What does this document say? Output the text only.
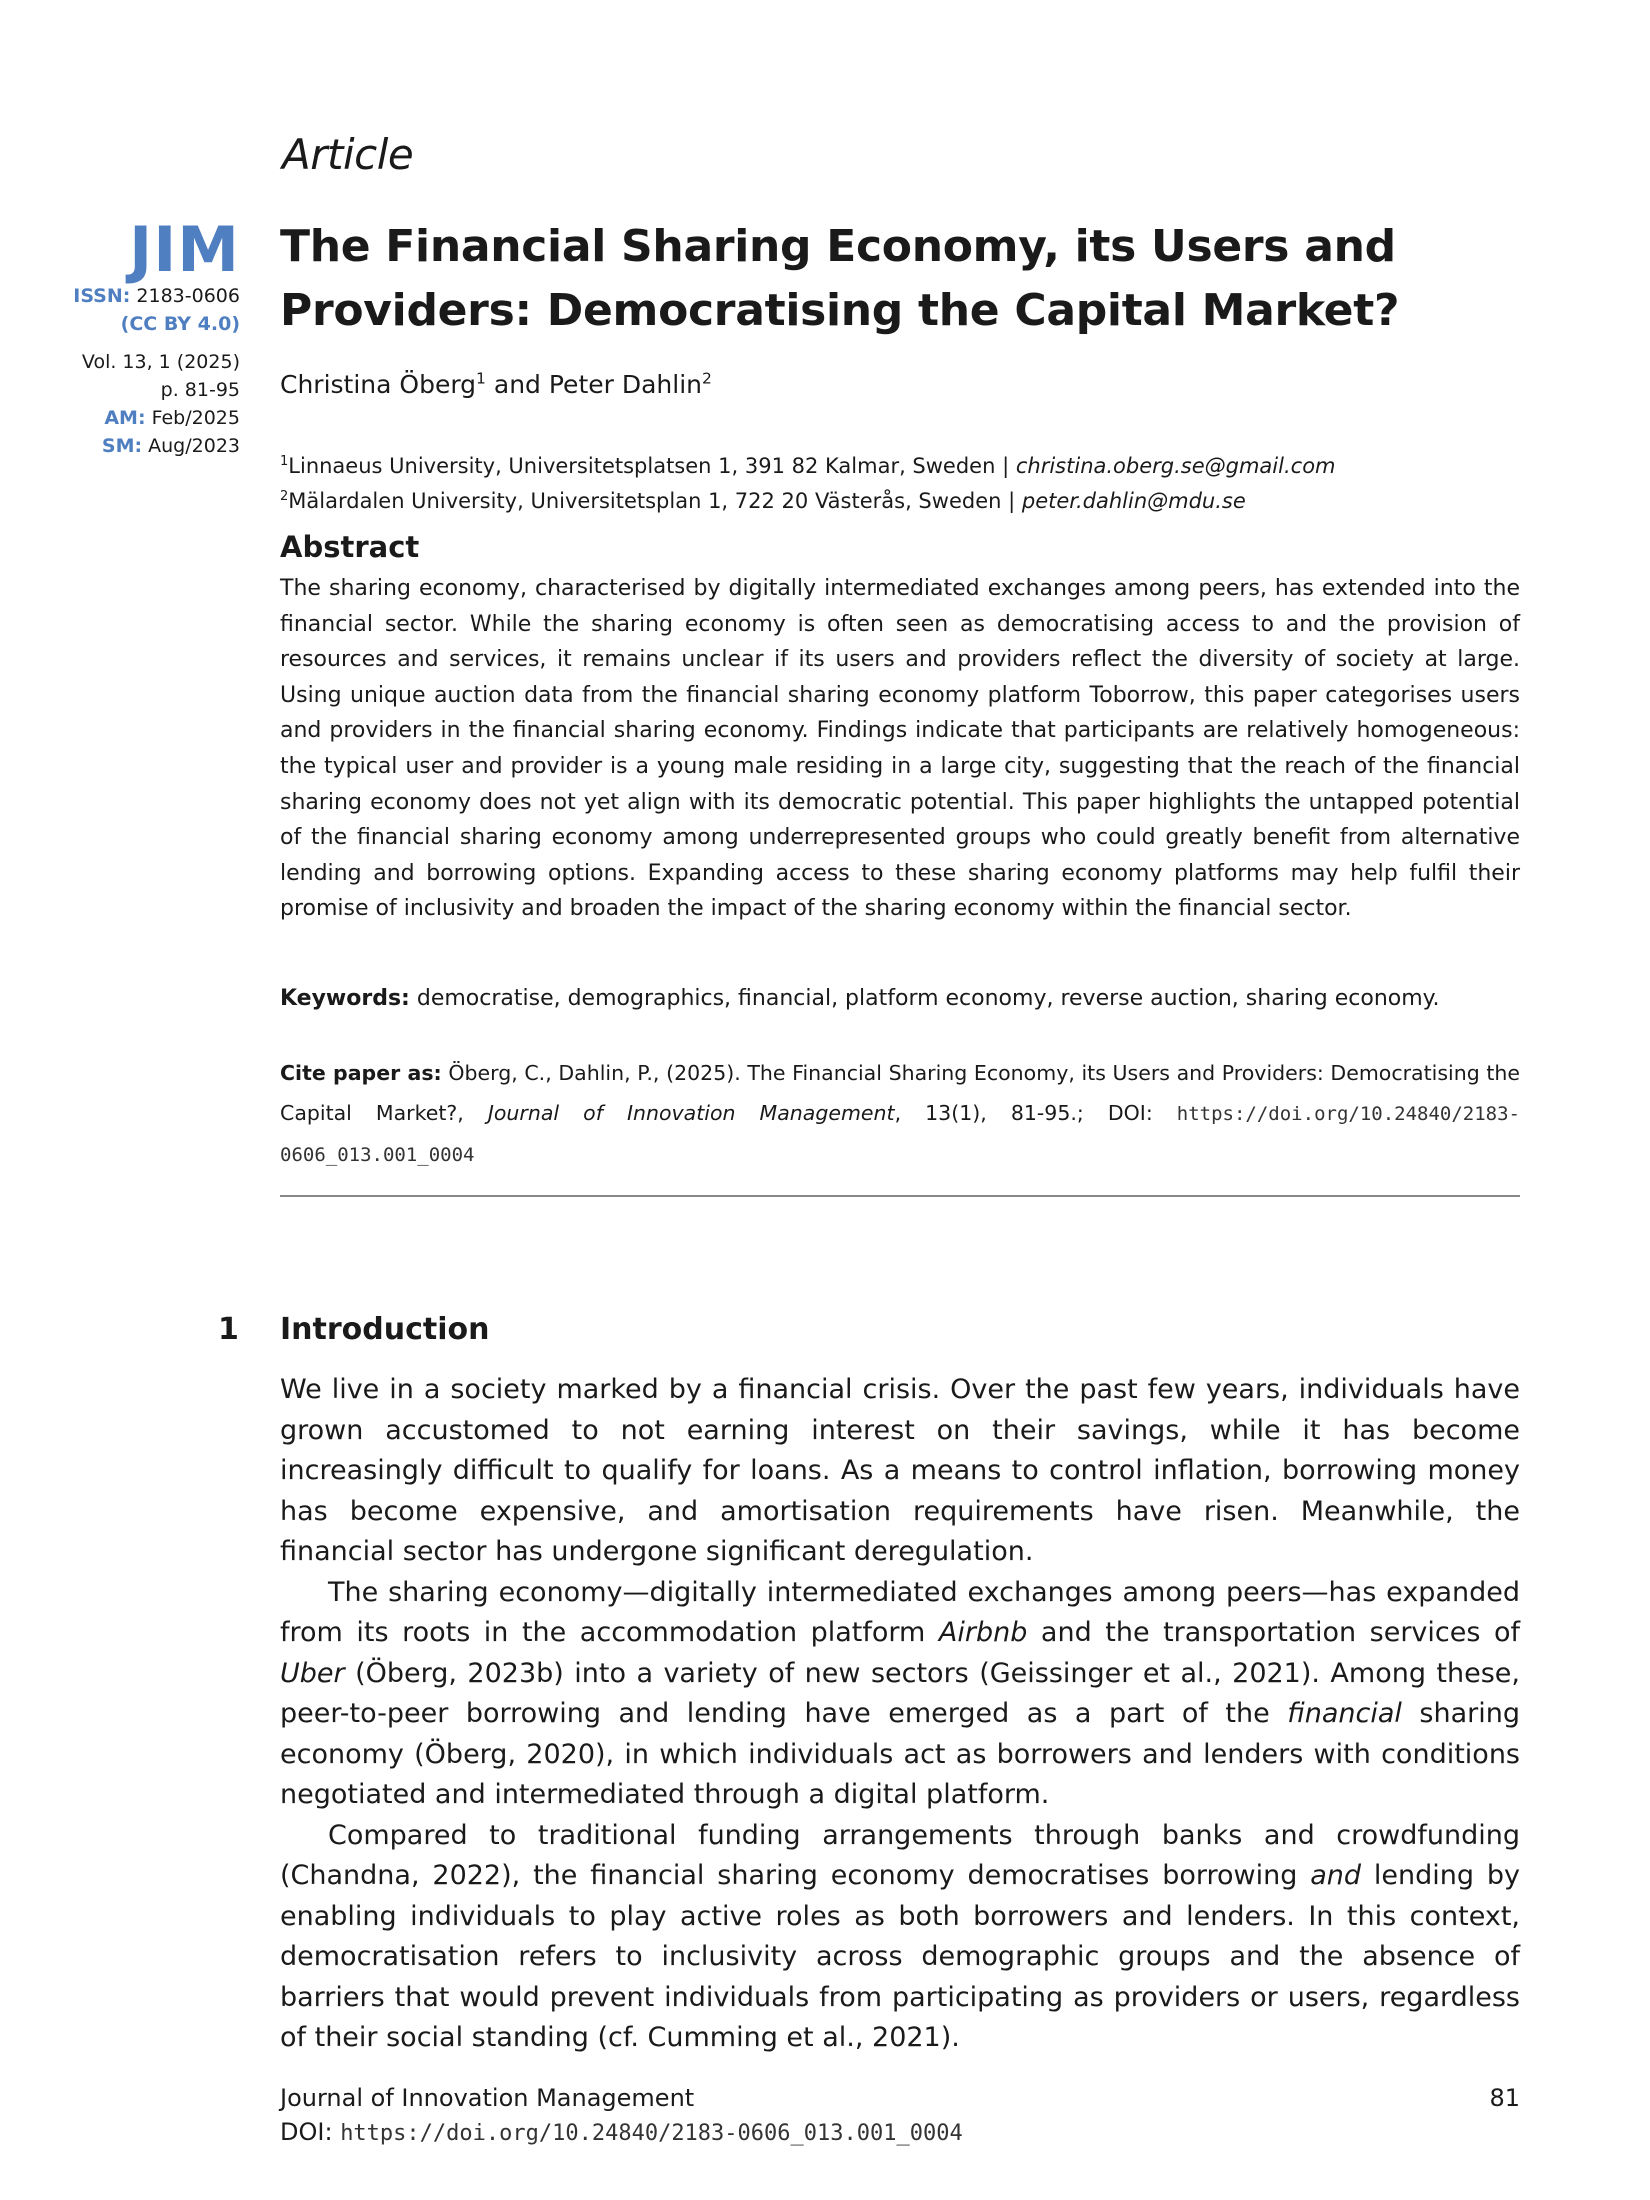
Article
JIM
ISSN: 2183-0606
(CC BY 4.0)
Vol. 13, 1 (2025)
p. 81-95
AM: Feb/2025
SM: Aug/2023
The Financial Sharing Economy, its Users and
Providers: Democratising the Capital Market?
Christina Öberg$^1$ and Peter Dahlin$^2$
$^1$Linnaeus University, Universitetsplatsen 1, 391 82 Kalmar, Sweden | christina.oberg.se@gmail.com
$^2$Mälardalen University, Universitetsplan 1, 722 20 Västerås, Sweden | peter.dahlin@mdu.se
Abstract
The sharing economy, characterised by digitally intermediated exchanges among peers, has extended into the financial sector. While the sharing economy is often seen as democratising access to and the provision of resources and services, it remains unclear if its users and providers reflect the diversity of society at large. Using unique auction data from the financial sharing economy platform Toborrow, this paper categorises users and providers in the financial sharing economy. Findings indicate that participants are relatively homogeneous: the typical user and provider is a young male residing in a large city, suggesting that the reach of the financial sharing economy does not yet align with its democratic potential. This paper highlights the untapped potential of the financial sharing economy among underrepresented groups who could greatly benefit from alternative lending and borrowing options. Expanding access to these sharing economy platforms may help fulfil their promise of inclusivity and broaden the impact of the sharing economy within the financial sector.
Keywords: democratise, demographics, financial, platform economy, reverse auction, sharing economy.
Cite paper as: Öberg, C., Dahlin, P., (2025). The Financial Sharing Economy, its Users and Providers: Democratising the Capital Market?, Journal of Innovation Management, 13(1), 81-95.; DOI: https://doi.org/10.24840/2183-0606_013.001_0004
1 Introduction

We live in a society marked by a financial crisis. Over the past few years, individuals have grown accustomed to not earning interest on their savings, while it has become increasingly difficult to qualify for loans. As a means to control inflation, borrowing money has become expensive, and amortisation requirements have risen. Meanwhile, the financial sector has undergone significant deregulation.

The sharing economy—digitally intermediated exchanges among peers—has expanded from its roots in the accommodation platform Airbnb and the transportation services of Uber (Öberg, 2023b) into a variety of new sectors (Geissinger et al., 2021). Among these, peer-to-peer borrowing and lending have emerged as a part of the financial sharing economy (Öberg, 2020), in which individuals act as borrowers and lenders with conditions negotiated and intermediated through a digital platform.

Compared to traditional funding arrangements through banks and crowdfunding (Chandna, 2022), the financial sharing economy democratises borrowing and lending by enabling individuals to play active roles as both borrowers and lenders. In this context, democratisation refers to inclusivity across demographic groups and the absence of barriers that would prevent individuals from participating as providers or users, regardless of their social standing (cf. Cumming et al., 2021).

Journal of Innovation Management	81
DOI: https://doi.org/10.24840/2183-0606_013.001_0004
